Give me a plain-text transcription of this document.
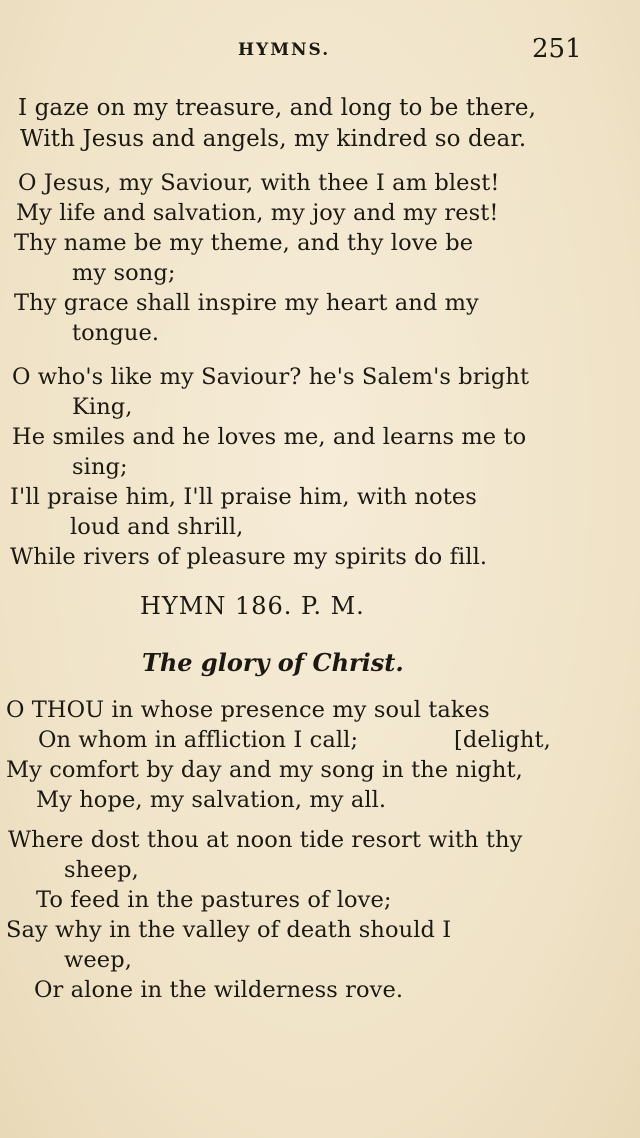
HYMNS.	251
I gaze on my treasure, and long to be there,
With Jesus and angels, my kindred so dear.
O Jesus, my Saviour, with thee I am blest!
My life and salvation, my joy and my rest!
Thy name be my theme, and thy love be
my song;
Thy grace shall inspire my heart and my
tongue.
O who's like my Saviour? he's Salem's bright
King,
He smiles and he loves me, and learns me to
sing;
I'll praise him, I'll praise him, with notes
loud and shrill,
While rivers of pleasure my spirits do fill.
HYMN 186. P. M.
The glory of Christ.
O THOU in whose presence my soul takes
On whom in affliction I call;	[delight,
My comfort by day and my song in the night,
My hope, my salvation, my all.
Where dost thou at noon tide resort with thy
sheep,
To feed in the pastures of love;
Say why in the valley of death should I
weep,
Or alone in the wilderness rove.
